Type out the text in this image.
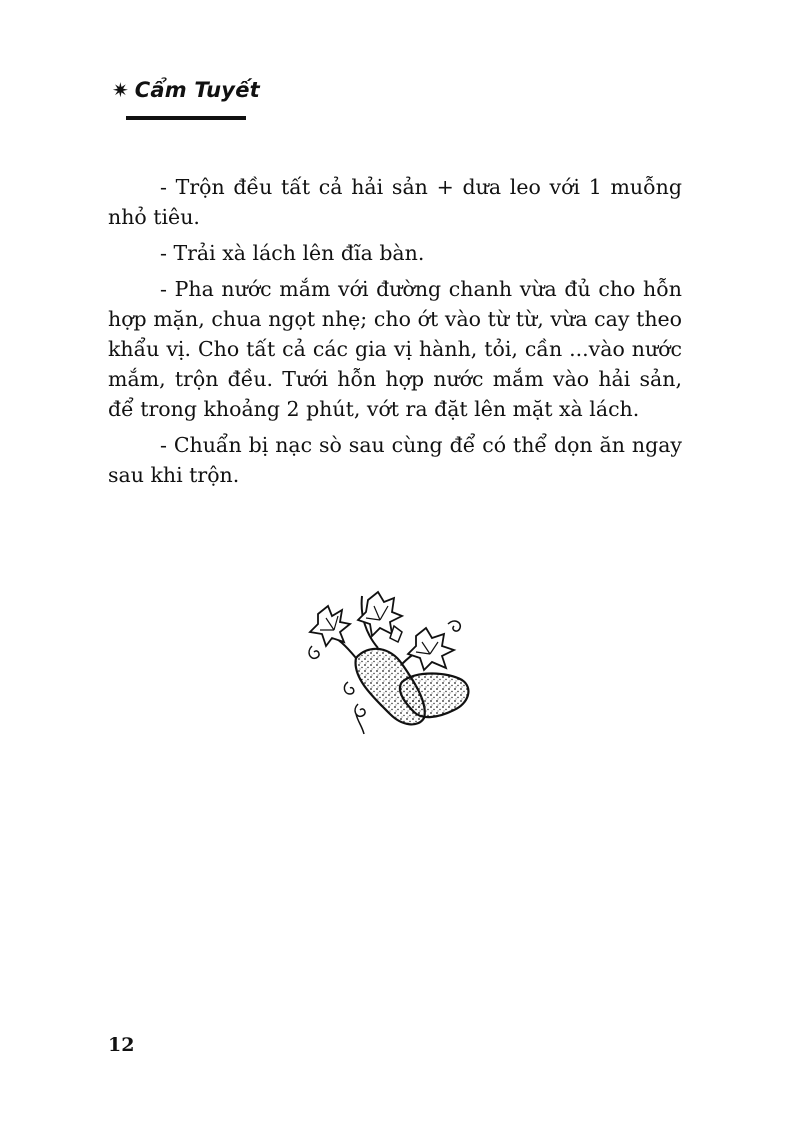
✷ Cẩm Tuyết

- Trộn đều tất cả hải sản + dưa leo với 1 muỗng nhỏ tiêu.

- Trải xà lách lên đĩa bàn.

- Pha nước mắm với đường chanh vừa đủ cho hỗn hợp mặn, chua ngọt nhẹ; cho ớt vào từ từ, vừa cay theo khẩu vị. Cho tất cả các gia vị hành, tỏi, cần ...vào nước mắm, trộn đều. Tưới hỗn hợp nước mắm vào hải sản, để trong khoảng 2 phút, vớt ra đặt lên mặt xà lách.

- Chuẩn bị nạc sò sau cùng để có thể dọn ăn ngay sau khi trộn.

12
